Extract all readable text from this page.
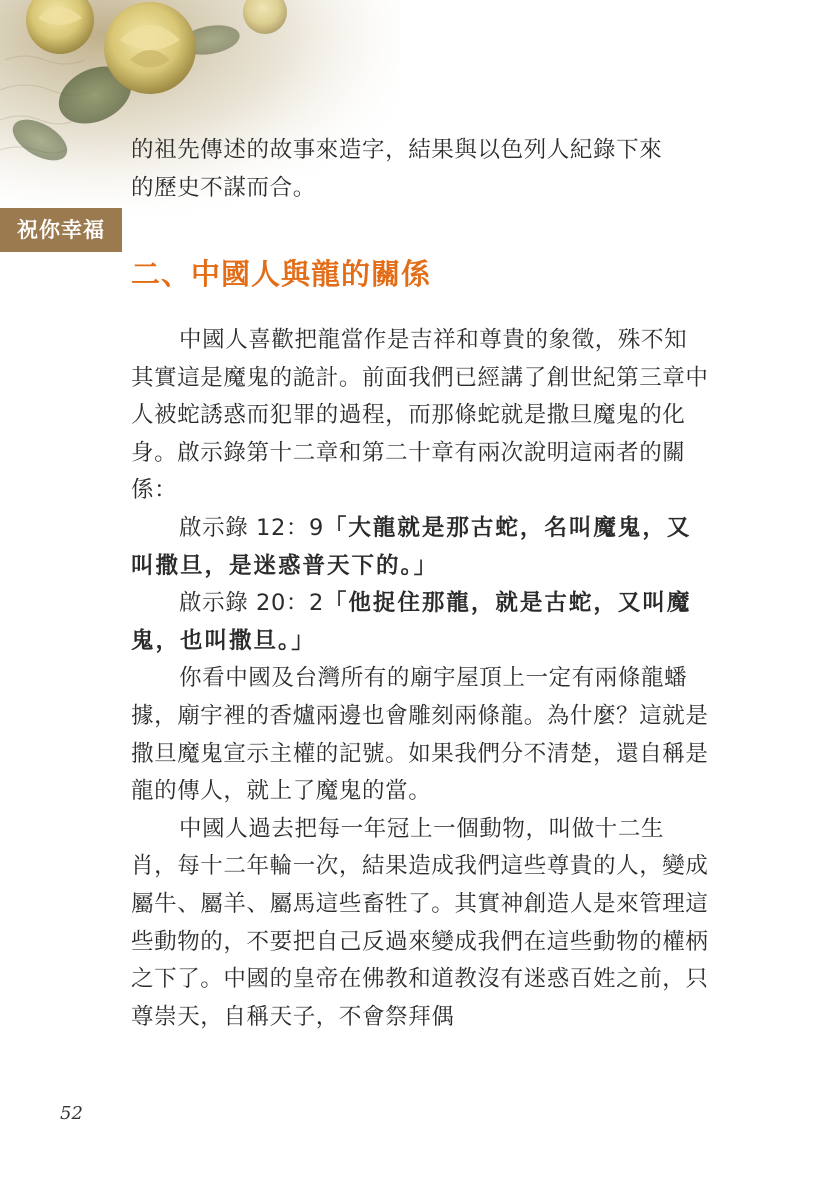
祝你幸福

的祖先傳述的故事來造字，結果與以色列人紀錄下來

的歷史不謀而合。

二、中國人與龍的關係

中國人喜歡把龍當作是吉祥和尊貴的象徵，殊不知其實這是魔鬼的詭計。前面我們已經講了創世紀第三章中人被蛇誘惑而犯罪的過程，而那條蛇就是撒旦魔鬼的化身。啟示錄第十二章和第二十章有兩次說明這兩者的關係：

啟示錄 12：9「大龍就是那古蛇，名叫魔鬼，又叫撒旦，是迷惑普天下的。」

啟示錄 20：2「他捉住那龍，就是古蛇，又叫魔鬼，也叫撒旦。」

你看中國及台灣所有的廟宇屋頂上一定有兩條龍蟠據，廟宇裡的香爐兩邊也會雕刻兩條龍。為什麼？這就是撒旦魔鬼宣示主權的記號。如果我們分不清楚，還自稱是龍的傳人，就上了魔鬼的當。

中國人過去把每一年冠上一個動物，叫做十二生肖，每十二年輪一次，結果造成我們這些尊貴的人，變成屬牛、屬羊、屬馬這些畜牲了。其實神創造人是來管理這些動物的，不要把自己反過來變成我們在這些動物的權柄之下了。中國的皇帝在佛教和道教沒有迷惑百姓之前，只尊崇天，自稱天子，不會祭拜偶

52
